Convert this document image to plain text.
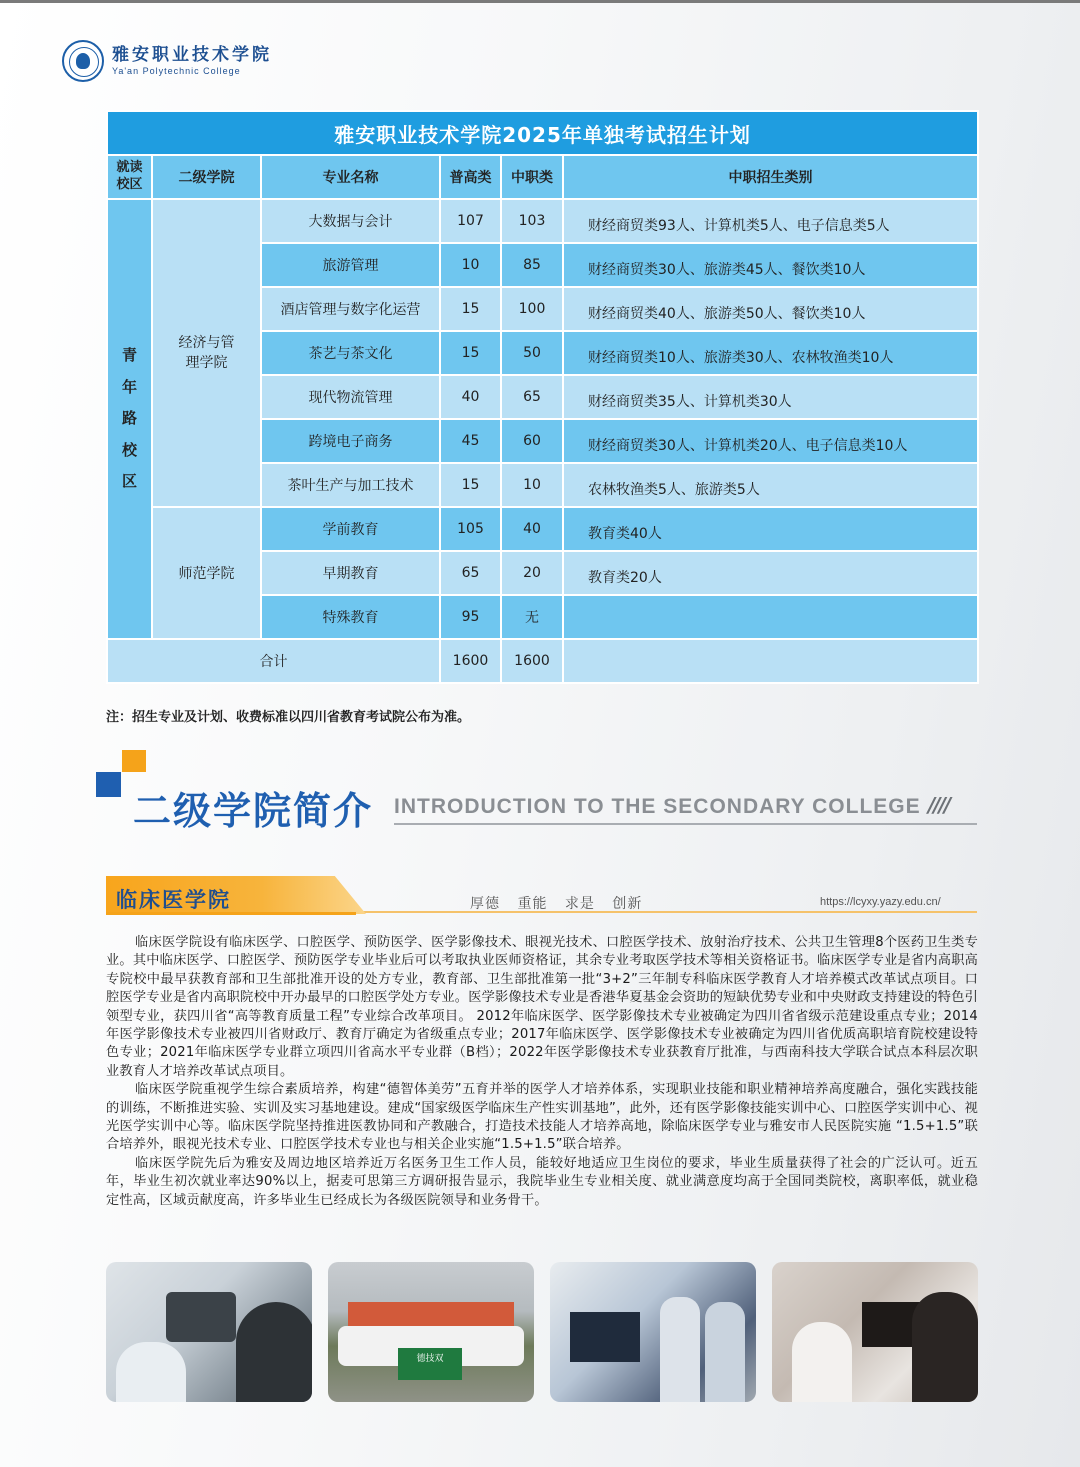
雅安职业技术学院
Ya'an Polytechnic College
雅安职业技术学院2025年单独考试招生计划					
就读校区	二级学院	专业名称	普高类	中职类	中职招生类别

青
年
路
校
区	经济与管理学院	大数据与会计	107	103	财经商贸类93人、计算机类5人、电子信息类5人
		旅游管理	10	85	财经商贸类30人、旅游类45人、餐饮类10人
		酒店管理与数字化运营	15	100	财经商贸类40人、旅游类50人、餐饮类10人
		茶艺与茶文化	15	50	财经商贸类10人、旅游类30人、农林牧渔类10人
		现代物流管理	40	65	财经商贸类35人、计算机类30人
		跨境电子商务	45	60	财经商贸类30人、计算机类20人、电子信息类10人
		茶叶生产与加工技术	15	10	农林牧渔类5人、旅游类5人

	师范学院	学前教育	105	40	教育类40人
		早期教育	65	20	教育类20人
		特殊教育	95	无	
合计			1600	1600	
注：招生专业及计划、收费标准以四川省教育考试院公布为准。
二级学院简介 INTRODUCTION TO THE SECONDARY COLLEGE ////
临床医学院	厚德 重能 求是 创新	https://lcyxy.yazy.edu.cn/

临床医学院设有临床医学、口腔医学、预防医学、医学影像技术、眼视光技术、口腔医学技术、放射治疗技术、公共卫生管理8个医药卫生类专业。其中临床医学、口腔医学、预防医学专业毕业后可以考取执业医师资格证，其余专业考取医学技术等相关资格证书。临床医学专业是省内高职高专院校中最早获教育部和卫生部批准开设的处方专业，教育部、卫生部批准第一批“3+2”三年制专科临床医学教育人才培养模式改革试点项目。口腔医学专业是省内高职院校中开办最早的口腔医学处方专业。医学影像技术专业是香港华夏基金会资助的短缺优势专业和中央财政支持建设的特色引领型专业，获四川省“高等教育质量工程”专业综合改革项目。 2012年临床医学、医学影像技术专业被确定为四川省省级示范建设重点专业；2014年医学影像技术专业被四川省财政厅、教育厅确定为省级重点专业；2017年临床医学、医学影像技术专业被确定为四川省优质高职培育院校建设特色专业；2021年临床医学专业群立项四川省高水平专业群（B档）；2022年医学影像技术专业获教育厅批准，与西南科技大学联合试点本科层次职业教育人才培养改革试点项目。

临床医学院重视学生综合素质培养，构建“德智体美劳”五育并举的医学人才培养体系，实现职业技能和职业精神培养高度融合，强化实践技能的训练，不断推进实验、实训及实习基地建设。建成“国家级医学临床生产性实训基地”，此外，还有医学影像技能实训中心、口腔医学实训中心、视光医学实训中心等。临床医学院坚持推进医教协同和产教融合，打造技术技能人才培养高地，除临床医学专业与雅安市人民医院实施 “1.5+1.5”联合培养外，眼视光技术专业、口腔医学技术专业也与相关企业实施“1.5+1.5”联合培养。

临床医学院先后为雅安及周边地区培养近万名医务卫生工作人员，能较好地适应卫生岗位的要求，毕业生质量获得了社会的广泛认可。近五年，毕业生初次就业率达90%以上，据麦可思第三方调研报告显示，我院毕业生专业相关度、就业满意度均高于全国同类院校，离职率低，就业稳定性高，区域贡献度高，许多毕业生已经成长为各级医院领导和业务骨干。

德技双
